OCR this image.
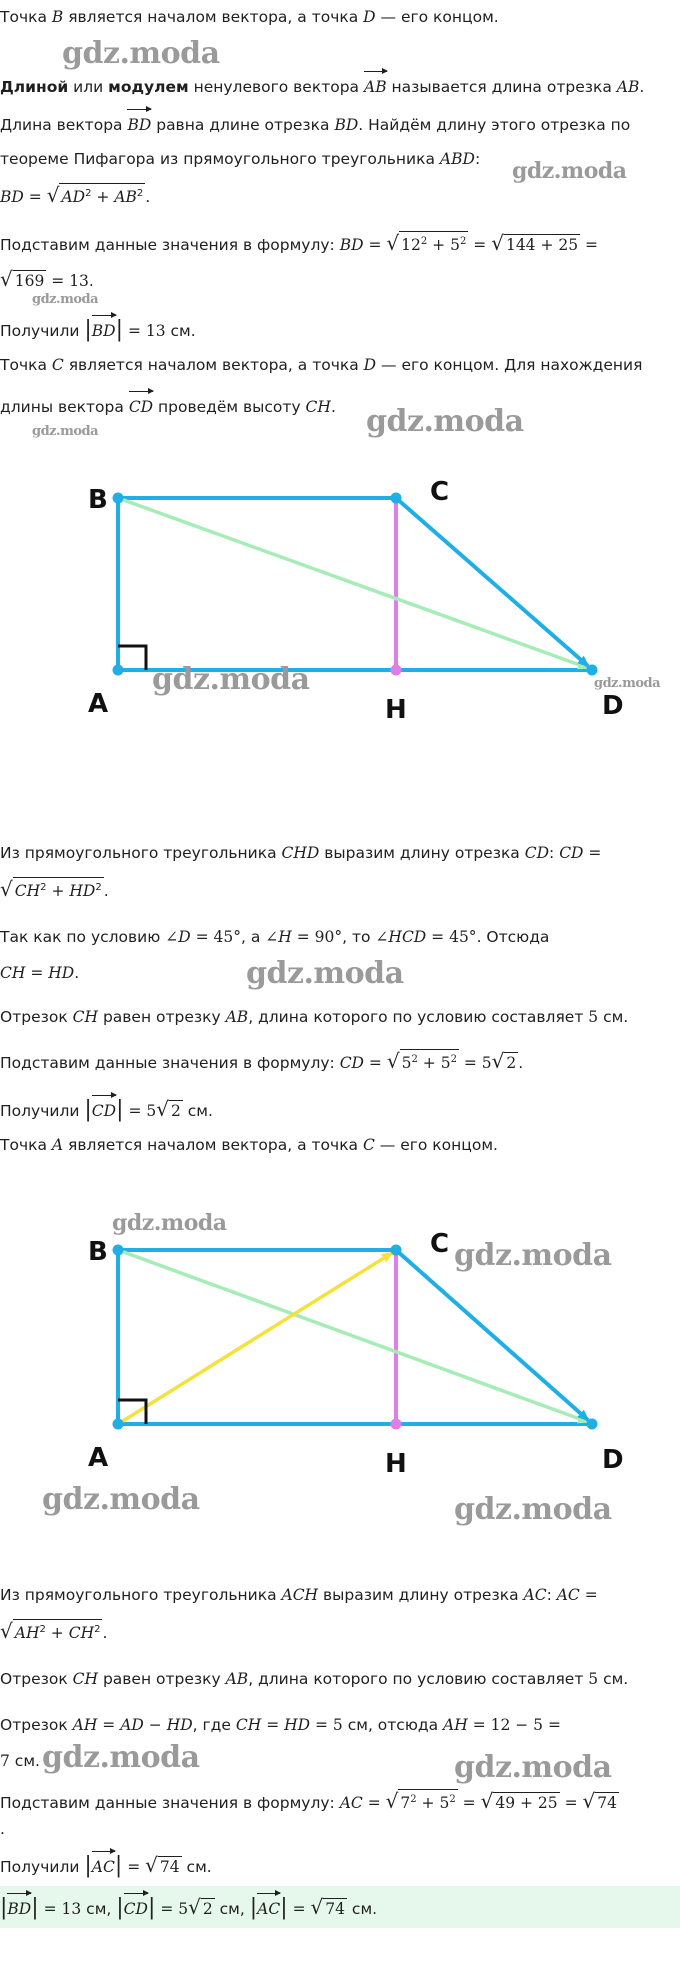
Точка B является началом вектора, а точка D — его концом.

Длиной или модулем ненулевого вектора AB называется длина отрезка AB.

Длина вектора BD равна длине отрезка BD. Найдём длину этого отрезка по

теореме Пифагора из прямоугольного треугольника ABD:

BD = √ $AD^2 + AB^2$ .

Подставим данные значения в формулу: BD = √ $12^2 + 5^2$ = √ 144 + 25 =

√ 169 = 13.

Получили |BD| = 13 см.

Точка C является началом вектора, а точка D — его концом. Для нахождения

длины вектора CD проведём высоту CH.

B	C
A	H	D

Из прямоугольного треугольника CHD выразим длину отрезка CD: CD =

√ $CH^2 + HD^2$ .

Так как по условию ∠D = 45°, а ∠H = 90°, то ∠HCD = 45°. Отсюда

CH = HD.

Отрезок CH равен отрезку AB, длина которого по условию составляет 5 см.

Подставим данные значения в формулу: CD = √ $5^2 + 5^2 = 5√$ 2 .

Получили |CD| = 5√ 2 см.

Точка A является началом вектора, а точка C — его концом.

B	C
A	H	D

Из прямоугольного треугольника ACH выразим длину отрезка AC: AC =

√ $AH^2 + CH^2$ .

Отрезок CH равен отрезку AB, длина которого по условию составляет 5 см.

Отрезок AH = AD − HD, где CH = HD = 5 см, отсюда AH = 12 − 5 =

7 см.

Подставим данные значения в формулу: AC = √ $7^2 + 5^2$ = √ 49 + 25 = √ 74

.

Получили |AC| = √ 74 см.

|BD| = 13 см, |CD| = 5√ 2 см, |AC| = √ 74 см.
gdz.moda
gdz.moda
gdz.moda
gdz.moda
gdz.moda
gdz.moda	gdz.moda
gdz.moda
gdz.moda
gdz.moda
gdz.moda	gdz.moda
gdz.moda	gdz.moda
